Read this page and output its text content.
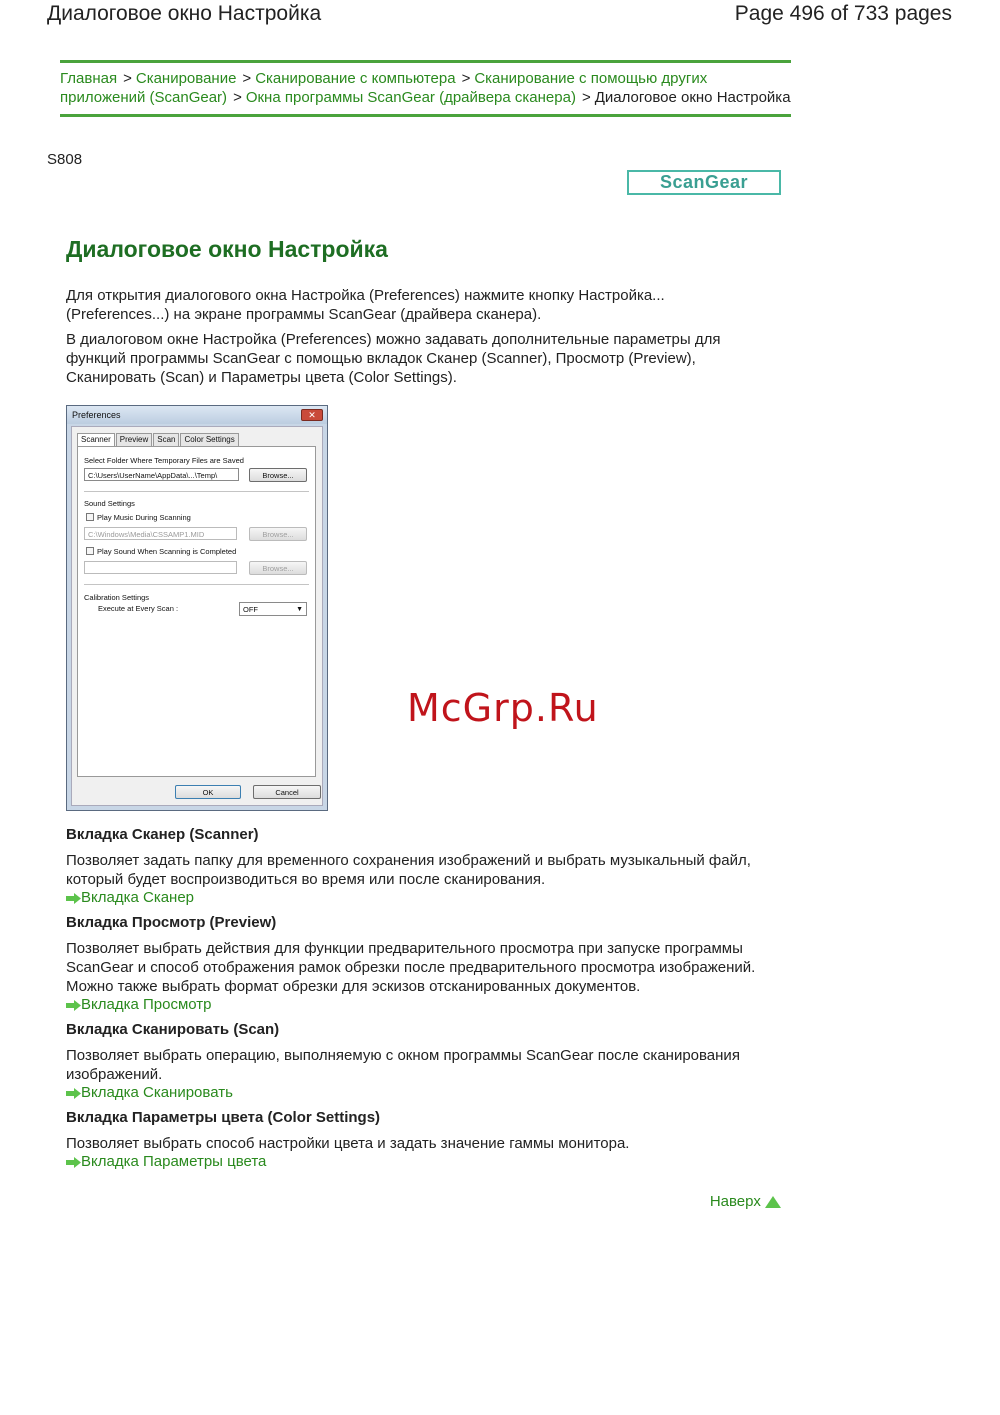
Диалоговое окно Настройка	Page 496 of 733 pages
Главная > Сканирование > Сканирование с компьютера > Сканирование с помощью других приложений (ScanGear) > Окна программы ScanGear (драйвера сканера) > Диалоговое окно Настройка
S808
ScanGear
Диалоговое окно Настройка
Для открытия диалогового окна Настройка (Preferences) нажмите кнопку Настройка... (Preferences...) на экране программы ScanGear (драйвера сканера).
В диалоговом окне Настройка (Preferences) можно задавать дополнительные параметры для функций программы ScanGear с помощью вкладок Сканер (Scanner), Просмотр (Preview), Сканировать (Scan) и Параметры цвета (Color Settings).
Preferences	✕
Scanner	Preview	Scan	Color Settings
Select Folder Where Temporary Files are Saved
C:\Users\UserName\AppData\...\Temp\	Browse...
Sound Settings
Play Music During Scanning
C:\Windows\Media\CSSAMP1.MID	Browse...
Play Sound When Scanning is Completed
Browse...
Calibration Settings
Execute at Every Scan :	OFF	▼
OK	Cancel
McGrp.Ru
Вкладка Сканер (Scanner)
Позволяет задать папку для временного сохранения изображений и выбрать музыкальный файл, который будет воспроизводиться во время или после сканирования.
Вкладка Сканер
Вкладка Просмотр (Preview)
Позволяет выбрать действия для функции предварительного просмотра при запуске программы ScanGear и способ отображения рамок обрезки после предварительного просмотра изображений. Можно также выбрать формат обрезки для эскизов отсканированных документов.
Вкладка Просмотр
Вкладка Сканировать (Scan)
Позволяет выбрать операцию, выполняемую с окном программы ScanGear после сканирования изображений.
Вкладка Сканировать
Вкладка Параметры цвета (Color Settings)
Позволяет выбрать способ настройки цвета и задать значение гаммы монитора.
Вкладка Параметры цвета
Наверх
